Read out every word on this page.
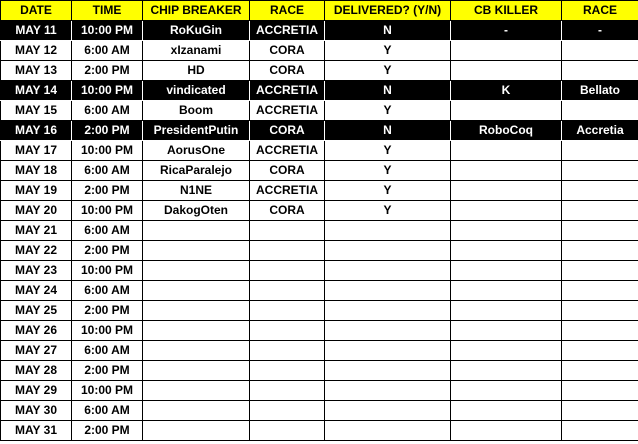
DATE	TIME	CHIP BREAKER	RACE	DELIVERED? (Y/N)	CB KILLER	RACE
MAY 11	10:00 PM	RoKuGin	ACCRETIA	N	-	-
MAY 12	6:00 AM	xIzanami	CORA	Y		
MAY 13	2:00 PM	HD	CORA	Y		
MAY 14	10:00 PM	vindicated	ACCRETIA	N	K	Bellato
MAY 15	6:00 AM	Boom	ACCRETIA	Y		
MAY 16	2:00 PM	PresidentPutin	CORA	N	RoboCoq	Accretia
MAY 17	10:00 PM	AorusOne	ACCRETIA	Y		
MAY 18	6:00 AM	RicaParalejo	CORA	Y		
MAY 19	2:00 PM	N1NE	ACCRETIA	Y		
MAY 20	10:00 PM	DakogOten	CORA	Y		
MAY 21	6:00 AM					
MAY 22	2:00 PM					
MAY 23	10:00 PM					
MAY 24	6:00 AM					
MAY 25	2:00 PM					
MAY 26	10:00 PM					
MAY 27	6:00 AM					
MAY 28	2:00 PM					
MAY 29	10:00 PM					
MAY 30	6:00 AM					
MAY 31	2:00 PM					
